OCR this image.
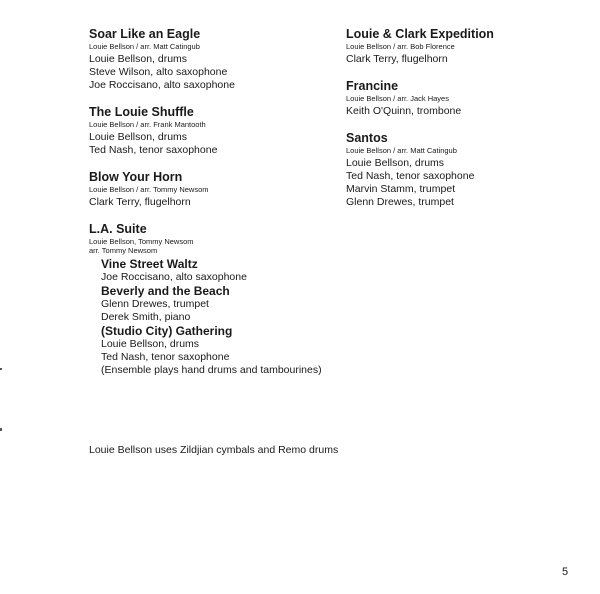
Soar Like an Eagle
Louie Bellson / arr. Matt Catingub
Louie Bellson, drums
Steve Wilson, alto saxophone
Joe Roccisano, alto saxophone
The Louie Shuffle
Louie Bellson / arr. Frank Mantooth
Louie Bellson, drums
Ted Nash, tenor saxophone
Blow Your Horn
Louie Bellson / arr. Tommy Newsom
Clark Terry, flugelhorn
L.A. Suite
Louie Bellson, Tommy Newsom
arr. Tommy Newsom
Vine Street Waltz
Joe Roccisano, alto saxophone
Beverly and the Beach
Glenn Drewes, trumpet
Derek Smith, piano
(Studio City) Gathering
Louie Bellson, drums
Ted Nash, tenor saxophone
(Ensemble plays hand drums and tambourines)
Louie & Clark Expedition
Louie Bellson / arr. Bob Florence
Clark Terry, flugelhorn
Francine
Louie Bellson / arr. Jack Hayes
Keith O'Quinn, trombone
Santos
Louie Bellson / arr. Matt Catingub
Louie Bellson, drums
Ted Nash, tenor saxophone
Marvin Stamm, trumpet
Glenn Drewes, trumpet
Louie Bellson uses Zildjian cymbals and Remo drums
5
